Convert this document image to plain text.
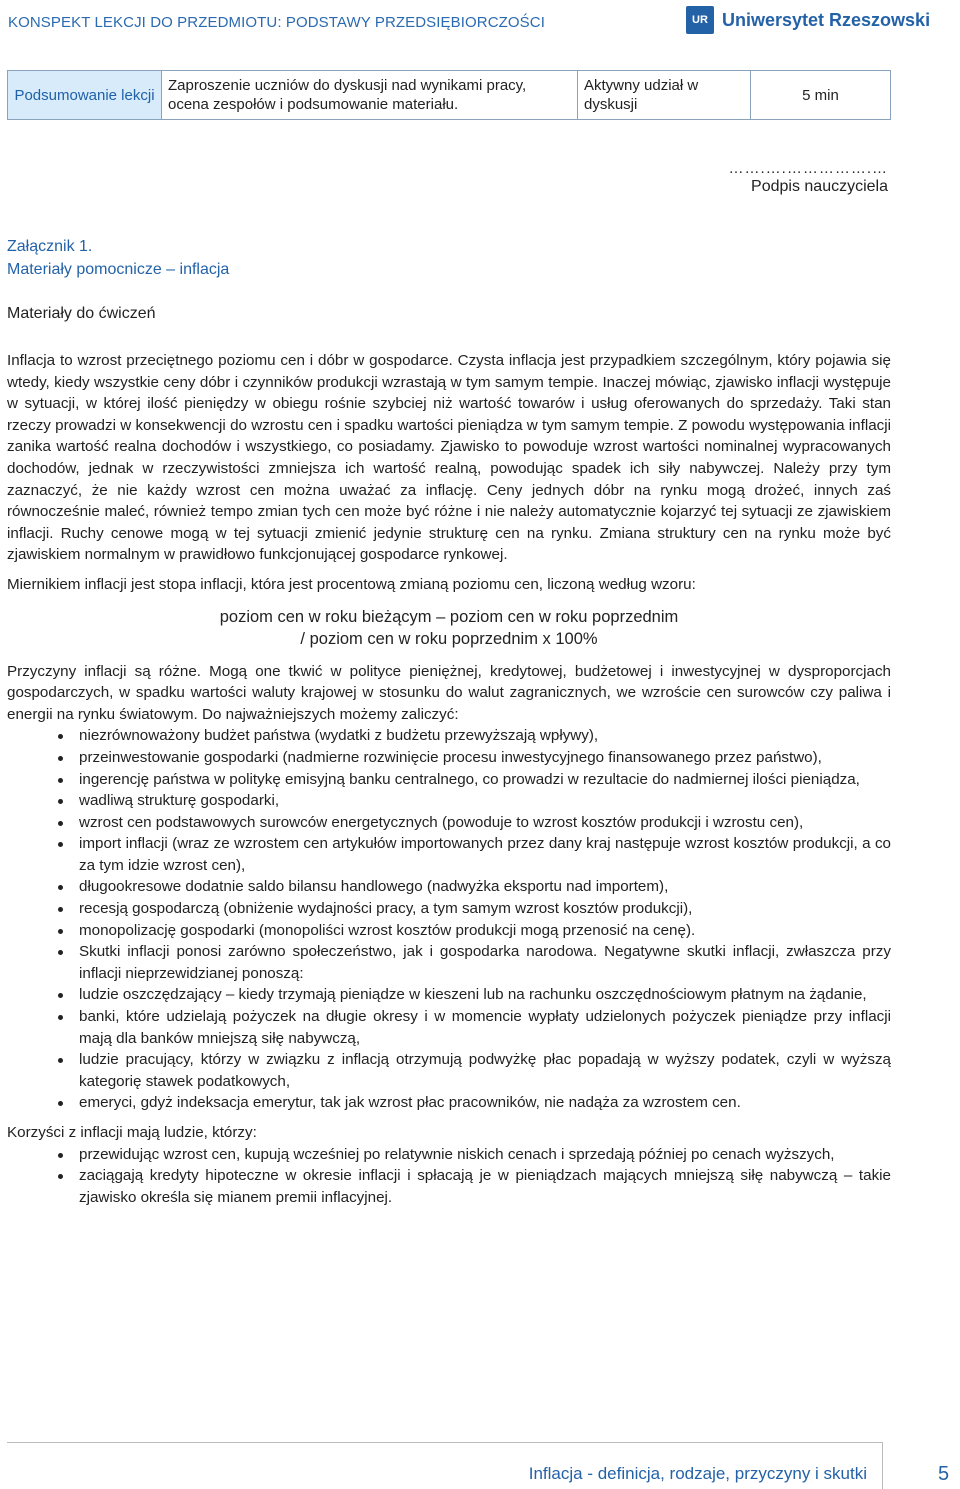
KONSPEKT LEKCJI DO PRZEDMIOTU: PODSTAWY PRZEDSIĘBIORCZOŚCI	UR Uniwersytet Rzeszowski
Podsumowanie lekcji	Zaproszenie uczniów do dyskusji nad wynikami pracy, ocena zespołów i podsumowanie materiału.	Aktywny udział w dyskusji	5 min
…….….…………….…
Podpis nauczyciela
Załącznik 1.
Materiały pomocnicze – inflacja
Materiały do ćwiczeń

Inflacja to wzrost przeciętnego poziomu cen i dóbr w gospodarce. Czysta inflacja jest przypadkiem szczególnym, który pojawia się wtedy, kiedy wszystkie ceny dóbr i czynników produkcji wzrastają w tym samym tempie. Inaczej mówiąc, zjawisko inflacji występuje w sytuacji, w której ilość pieniędzy w obiegu rośnie szybciej niż wartość towarów i usług oferowanych do sprzedaży. Taki stan rzeczy prowadzi w konsekwencji do wzrostu cen i spadku wartości pieniądza w tym samym tempie. Z powodu występowania inflacji zanika wartość realna dochodów i wszystkiego, co posiadamy. Zjawisko to powoduje wzrost wartości nominalnej wypracowanych dochodów, jednak w rzeczywistości zmniejsza ich wartość realną, powodując spadek ich siły nabywczej. Należy przy tym zaznaczyć, że nie każdy wzrost cen można uważać za inflację. Ceny jednych dóbr na rynku mogą drożeć, innych zaś równocześnie maleć, również tempo zmian tych cen może być różne i nie należy automatycznie kojarzyć tej sytuacji ze zjawiskiem inflacji. Ruchy cenowe mogą w tej sytuacji zmienić jedynie strukturę cen na rynku. Zmiana struktury cen na rynku może być zjawiskiem normalnym w prawidłowo funkcjonującej gospodarce rynkowej.

Miernikiem inflacji jest stopa inflacji, która jest procentową zmianą poziomu cen, liczoną według wzoru:

poziom cen w roku bieżącym – poziom cen w roku poprzednim
/ poziom cen w roku poprzednim x 100%

Przyczyny inflacji są różne. Mogą one tkwić w polityce pieniężnej, kredytowej, budżetowej i inwestycyjnej w dysproporcjach gospodarczych, w spadku wartości waluty krajowej w stosunku do walut zagranicznych, we wzroście cen surowców czy paliwa i energii na rynku światowym. Do najważniejszych możemy zaliczyć:

niezrównoważony budżet państwa (wydatki z budżetu przewyższają wpływy),
przeinwestowanie gospodarki (nadmierne rozwinięcie procesu inwestycyjnego finansowanego przez państwo),
ingerencję państwa w politykę emisyjną banku centralnego, co prowadzi w rezultacie do nadmiernej ilości pieniądza,
wadliwą strukturę gospodarki,
wzrost cen podstawowych surowców energetycznych (powoduje to wzrost kosztów produkcji i wzrostu cen),
import inflacji (wraz ze wzrostem cen artykułów importowanych przez dany kraj następuje wzrost kosztów produkcji, a co za tym idzie wzrost cen),
długookresowe dodatnie saldo bilansu handlowego (nadwyżka eksportu nad importem),
recesją gospodarczą (obniżenie wydajności pracy, a tym samym wzrost kosztów produkcji),
monopolizację gospodarki (monopoliści wzrost kosztów produkcji mogą przenosić na cenę).
Skutki inflacji ponosi zarówno społeczeństwo, jak i gospodarka narodowa. Negatywne skutki inflacji, zwłaszcza przy inflacji nieprzewidzianej ponoszą:
ludzie oszczędzający – kiedy trzymają pieniądze w kieszeni lub na rachunku oszczędnościowym płatnym na żądanie,
banki, które udzielają pożyczek na długie okresy i w momencie wypłaty udzielonych pożyczek pieniądze przy inflacji mają dla banków mniejszą siłę nabywczą,
ludzie pracujący, którzy w związku z inflacją otrzymują podwyżkę płac popadają w wyższy podatek, czyli w wyższą kategorię stawek podatkowych,
emeryci, gdyż indeksacja emerytur, tak jak wzrost płac pracowników, nie nadąża za wzrostem cen.

Korzyści z inflacji mają ludzie, którzy:

przewidując wzrost cen, kupują wcześniej po relatywnie niskich cenach i sprzedają później po cenach wyższych,
zaciągają kredyty hipoteczne w okresie inflacji i spłacają je w pieniądzach mających mniejszą siłę nabywczą – takie zjawisko określa się mianem premii inflacyjnej.
Inflacja - definicja, rodzaje, przyczyny i skutki	5
